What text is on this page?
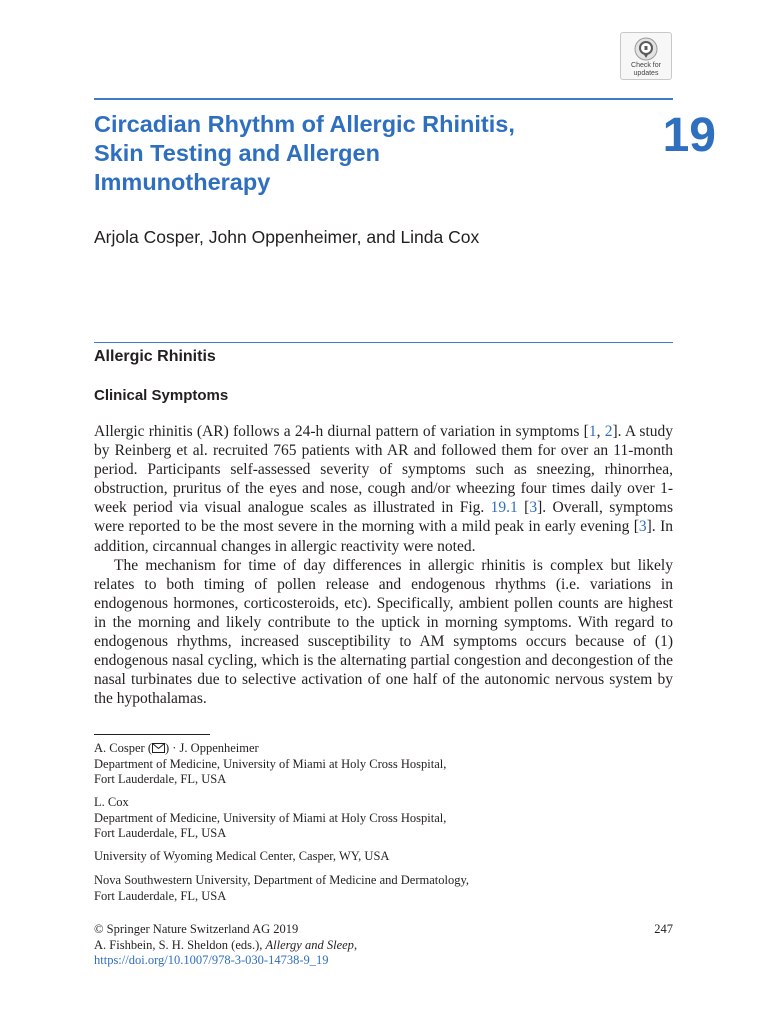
Check for
updates
Circadian Rhythm of Allergic Rhinitis,
Skin Testing and Allergen
Immunotherapy
19
Arjola Cosper, John Oppenheimer, and Linda Cox
Allergic Rhinitis
Clinical Symptoms

Allergic rhinitis (AR) follows a 24-h diurnal pattern of variation in symptoms [1, 2]. A study by Reinberg et al. recruited 765 patients with AR and followed them for over an 11-month period. Participants self-assessed severity of symptoms such as sneezing, rhinorrhea, obstruction, pruritus of the eyes and nose, cough and/or wheezing four times daily over 1-week period via visual analogue scales as illustrated in Fig. 19.1 [3]. Overall, symptoms were reported to be the most severe in the morning with a mild peak in early evening [3]. In addition, circannual changes in allergic reactivity were noted.

The mechanism for time of day differences in allergic rhinitis is complex but likely relates to both timing of pollen release and endogenous rhythms (i.e. variations in endogenous hormones, corticosteroids, etc). Specifically, ambient pollen counts are highest in the morning and likely contribute to the uptick in morning symptoms. With regard to endogenous rhythms, increased susceptibility to AM symptoms occurs because of (1) endogenous nasal cycling, which is the alternating partial congestion and decongestion of the nasal turbinates due to selective activation of one half of the autonomic nervous system by the hypothalamas.

A. Cosper ( ) · J. Oppenheimer
Department of Medicine, University of Miami at Holy Cross Hospital,
Fort Lauderdale, FL, USA
L. Cox
Department of Medicine, University of Miami at Holy Cross Hospital,
Fort Lauderdale, FL, USA
University of Wyoming Medical Center, Casper, WY, USA
Nova Southwestern University, Department of Medicine and Dermatology,
Fort Lauderdale, FL, USA
© Springer Nature Switzerland AG 2019
A. Fishbein, S. H. Sheldon (eds.), Allergy and Sleep,
https://doi.org/10.1007/978-3-030-14738-9_19
247
